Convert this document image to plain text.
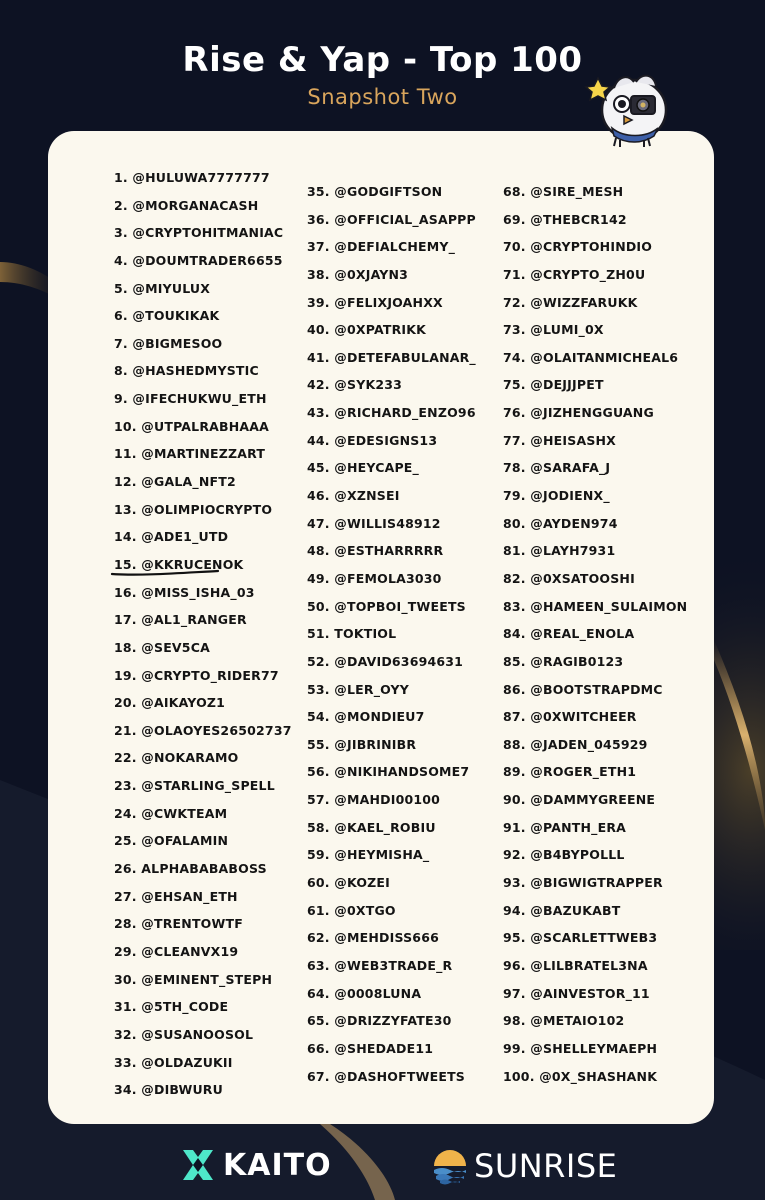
Rise & Yap - Top 100
Snapshot Two
1. @HULUWA7777777
2. @MORGANACASH
3. @CRYPTOHITMANIAC
4. @DOUMTRADER6655
5. @MIYULUX
6. @TOUKIKAK
7. @BIGMESOO
8. @HASHEDMYSTIC
9. @IFECHUKWU_ETH
10. @UTPALRABHAAA
11. @MARTINEZZART
12. @GALA_NFT2
13. @OLIMPIOCRYPTO
14. @ADE1_UTD
15. @KKRUCENOK
16. @MISS_ISHA_03
17. @AL1_RANGER
18. @SEV5CA
19. @CRYPTO_RIDER77
20. @AIKAYOZ1
21. @OLAOYES26502737
22. @NOKARAMO
23. @STARLING_SPELL
24. @CWKTEAM
25. @OFALAMIN
26. ALPHABABABOSS
27. @EHSAN_ETH
28. @TRENTOWTF
29. @CLEANVX19
30. @EMINENT_STEPH
31. @5TH_CODE
32. @SUSANOOSOL
33. @OLDAZUKII
34. @DIBWURU
35. @GODGIFTSON
36. @OFFICIAL_ASAPPP
37. @DEFIALCHEMY_
38. @0XJAYN3
39. @FELIXJOAHXX
40. @0XPATRIKK
41. @DETEFABULANAR_
42. @SYK233
43. @RICHARD_ENZO96
44. @EDESIGNS13
45. @HEYCAPE_
46. @XZNSEI
47. @WILLIS48912
48. @ESTHARRRRR
49. @FEMOLA3030
50. @TOPBOI_TWEETS
51. TOKTIOL
52. @DAVID63694631
53. @LER_OYY
54. @MONDIEU7
55. @JIBRINIBR
56. @NIKIHANDSOME7
57. @MAHDI00100
58. @KAEL_ROBIU
59. @HEYMISHA_
60. @KOZEI
61. @0XTGO
62. @MEHDISS666
63. @WEB3TRADE_R
64. @0008LUNA
65. @DRIZZYFATE30
66. @SHEDADE11
67. @DASHOFTWEETS
68. @SIRE_MESH
69. @THEBCR142
70. @CRYPTOHINDIO
71. @CRYPTO_ZH0U
72. @WIZZFARUKK
73. @LUMI_0X
74. @OLAITANMICHEAL6
75. @DEJJJPET
76. @JIZHENGGUANG
77. @HEISASHX
78. @SARAFA_J
79. @JODIENX_
80. @AYDEN974
81. @LAYH7931
82. @0XSATOOSHI
83. @HAMEEN_SULAIMON
84. @REAL_ENOLA
85. @RAGIB0123
86. @BOOTSTRAPDMC
87. @0XWITCHEER
88. @JADEN_045929
89. @ROGER_ETH1
90. @DAMMYGREENE
91. @PANTH_ERA
92. @B4BYPOLLL
93. @BIGWIGTRAPPER
94. @BAZUKABT
95. @SCARLETTWEB3
96. @LILBRATEL3NA
97. @AINVESTOR_11
98. @METAIO102
99. @SHELLEYMAEPH
100. @0X_SHASHANK
KAITO	SUNRISE
